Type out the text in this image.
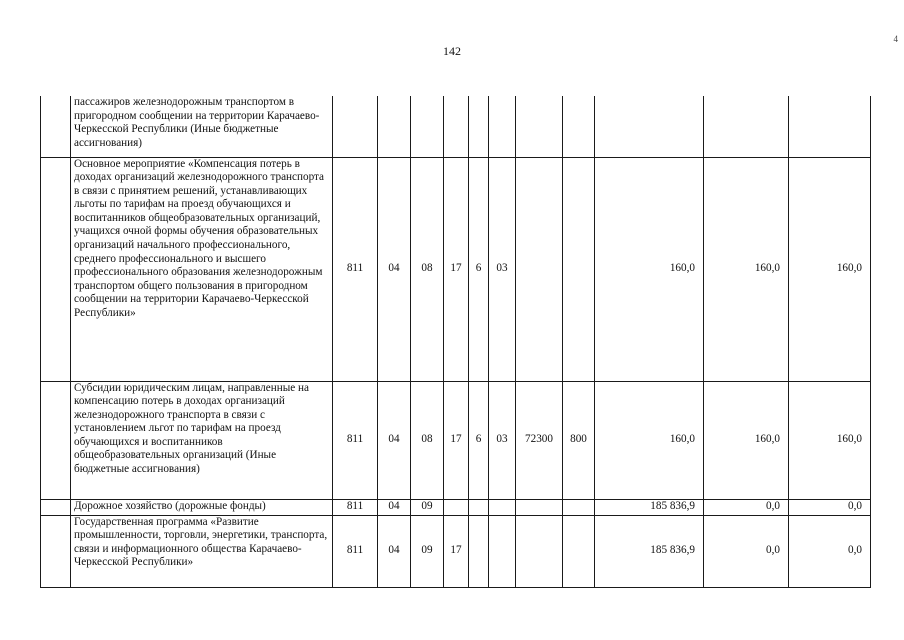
142
4
	пассажиров железнодорожным транспортом в пригородном сообщении на территории Карачаево-Черкесской Республики (Иные бюджетные ассигнования)											
	Основное мероприятие «Компенсация потерь в доходах организаций железнодорожного транспорта в связи с принятием решений, устанавливающих льготы по тарифам на проезд обучающихся и воспитанников общеобразовательных организаций, учащихся очной формы обучения образовательных организаций начального профессионального, среднего профессионального и высшего профессионального образования железнодорожным транспортом общего пользования в пригородном сообщении на территории Карачаево-Черкесской Республики»	811	04	08	17	6	03			160,0	160,0	160,0
	Субсидии юридическим лицам, направленные на компенсацию потерь в доходах организаций железнодорожного транспорта в связи с установлением льгот по тарифам на проезд обучающихся и воспитанников общеобразовательных организаций (Иные бюджетные ассигнования)	811	04	08	17	6	03	72300	800	160,0	160,0	160,0
	Дорожное хозяйство (дорожные фонды)	811	04	09						185 836,9	0,0	0,0
	Государственная программа «Развитие промышленности, торговли, энергетики, транспорта, связи и информационного общества Карачаево-Черкесской Республики»	811	04	09	17					185 836,9	0,0	0,0
